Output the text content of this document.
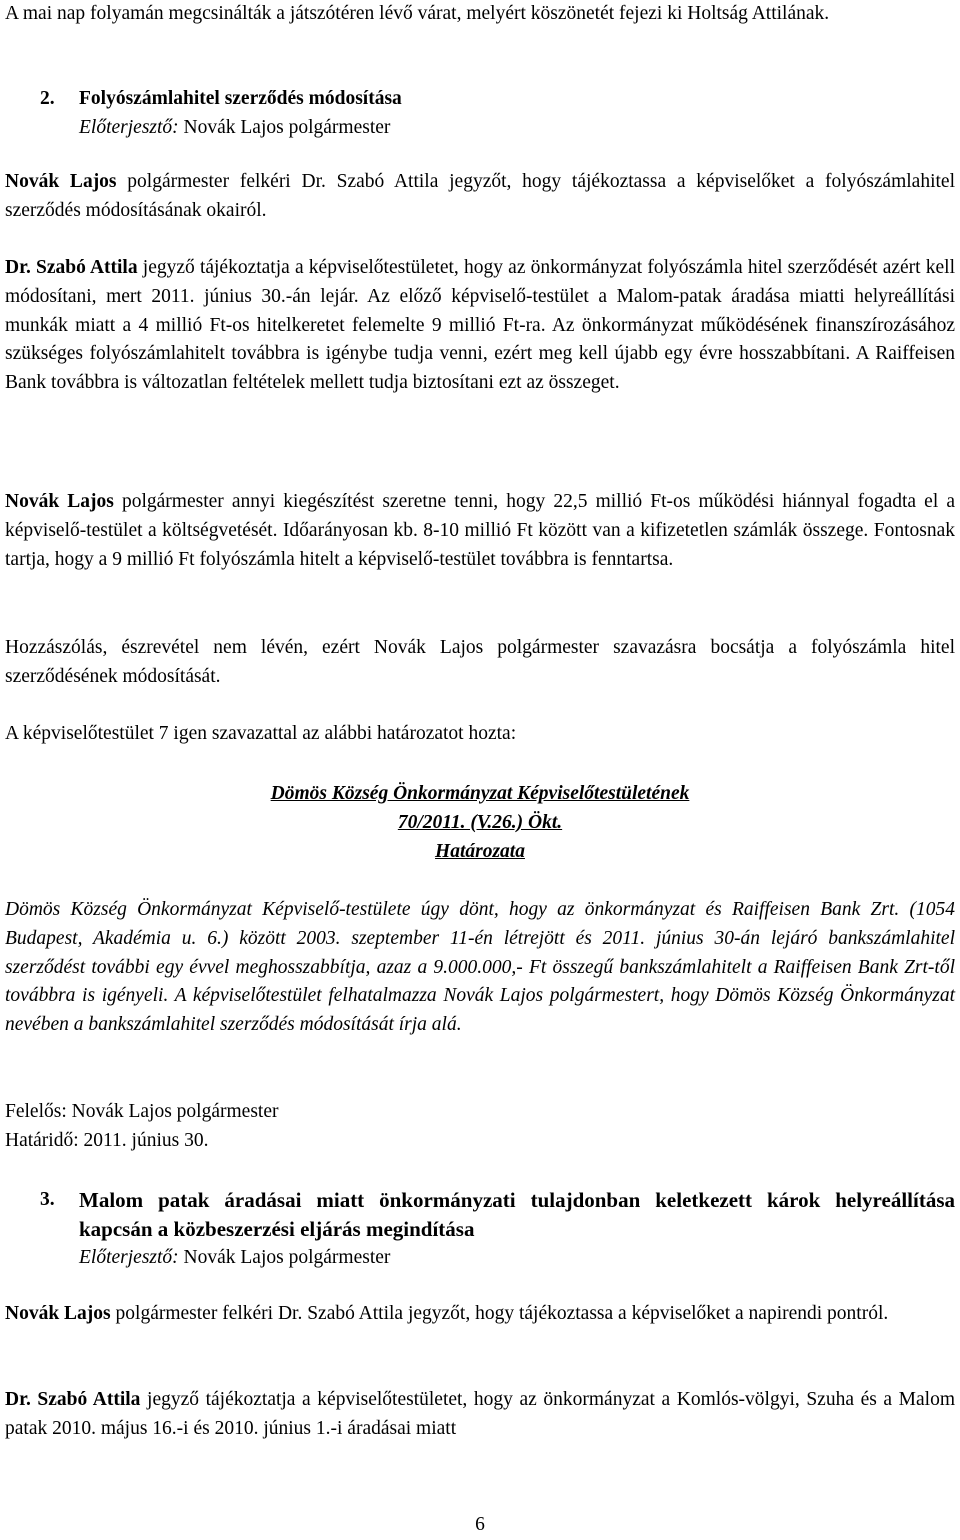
A mai nap folyamán megcsinálták a játszótéren lévő várat, melyért köszönetét fejezi ki Holtság Attilának.

2. Folyószámlahitel szerződés módosítása
Előterjesztő: Novák Lajos polgármester

Novák Lajos polgármester felkéri Dr. Szabó Attila jegyzőt, hogy tájékoztassa a képviselőket a folyószámlahitel szerződés módosításának okairól.

Dr. Szabó Attila jegyző tájékoztatja a képviselőtestületet, hogy az önkormányzat folyószámla hitel szerződését azért kell módosítani, mert 2011. június 30.-án lejár. Az előző képviselő-testület a Malom-patak áradása miatti helyreállítási munkák miatt a 4 millió Ft-os hitelkeretet felemelte 9 millió Ft-ra. Az önkormányzat működésének finanszírozásához szükséges folyószámlahitelt továbbra is igénybe tudja venni, ezért meg kell újabb egy évre hosszabbítani. A Raiffeisen Bank továbbra is változatlan feltételek mellett tudja biztosítani ezt az összeget.

Novák Lajos polgármester annyi kiegészítést szeretne tenni, hogy 22,5 millió Ft-os működési hiánnyal fogadta el a képviselő-testület a költségvetését. Időarányosan kb. 8-10 millió Ft között van a kifizetetlen számlák összege. Fontosnak tartja, hogy a 9 millió Ft folyószámla hitelt a képviselő-testület továbbra is fenntartsa.

Hozzászólás, észrevétel nem lévén, ezért Novák Lajos polgármester szavazásra bocsátja a folyószámla hitel szerződésének módosítását.

A képviselőtestület 7 igen szavazattal az alábbi határozatot hozta:

Dömös Község Önkormányzat Képviselőtestületének
70/2011. (V.26.) Ökt.
Határozata

Dömös Község Önkormányzat Képviselő-testülete úgy dönt, hogy az önkormányzat és Raiffeisen Bank Zrt. (1054 Budapest, Akadémia u. 6.) között 2003. szeptember 11-én létrejött és 2011. június 30-án lejáró bankszámlahitel szerződést további egy évvel meghosszabbítja, azaz a 9.000.000,- Ft összegű bankszámlahitelt a Raiffeisen Bank Zrt-től továbbra is igényeli. A képviselőtestület felhatalmazza Novák Lajos polgármestert, hogy Dömös Község Önkormányzat nevében a bankszámlahitel szerződés módosítását írja alá.

Felelős: Novák Lajos polgármester
Határidő: 2011. június 30.
3. Malom patak áradásai miatt önkormányzati tulajdonban keletkezett károk helyreállítása kapcsán a közbeszerzési eljárás megindítása
Előterjesztő: Novák Lajos polgármester

Novák Lajos polgármester felkéri Dr. Szabó Attila jegyzőt, hogy tájékoztassa a képviselőket a napirendi pontról.

Dr. Szabó Attila jegyző tájékoztatja a képviselőtestületet, hogy az önkormányzat a Komlós-völgyi, Szuha és a Malom patak 2010. május 16.-i és 2010. június 1.-i áradásai miatt

6
